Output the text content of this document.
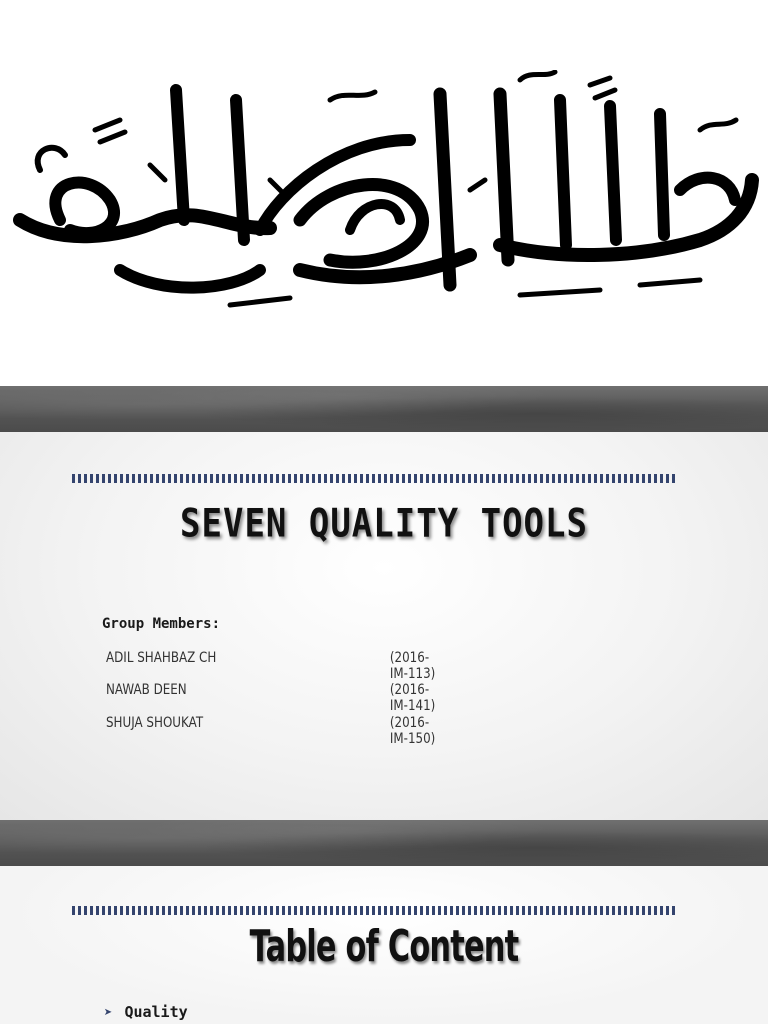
SEVEN QUALITY TOOLS
Group Members:
ADIL SHAHBAZ CH	(2016-IM-113)
NAWAB DEEN	(2016-IM-141)
SHUJA SHOUKAT	(2016-IM-150)
Table of Content
➤ Quality
